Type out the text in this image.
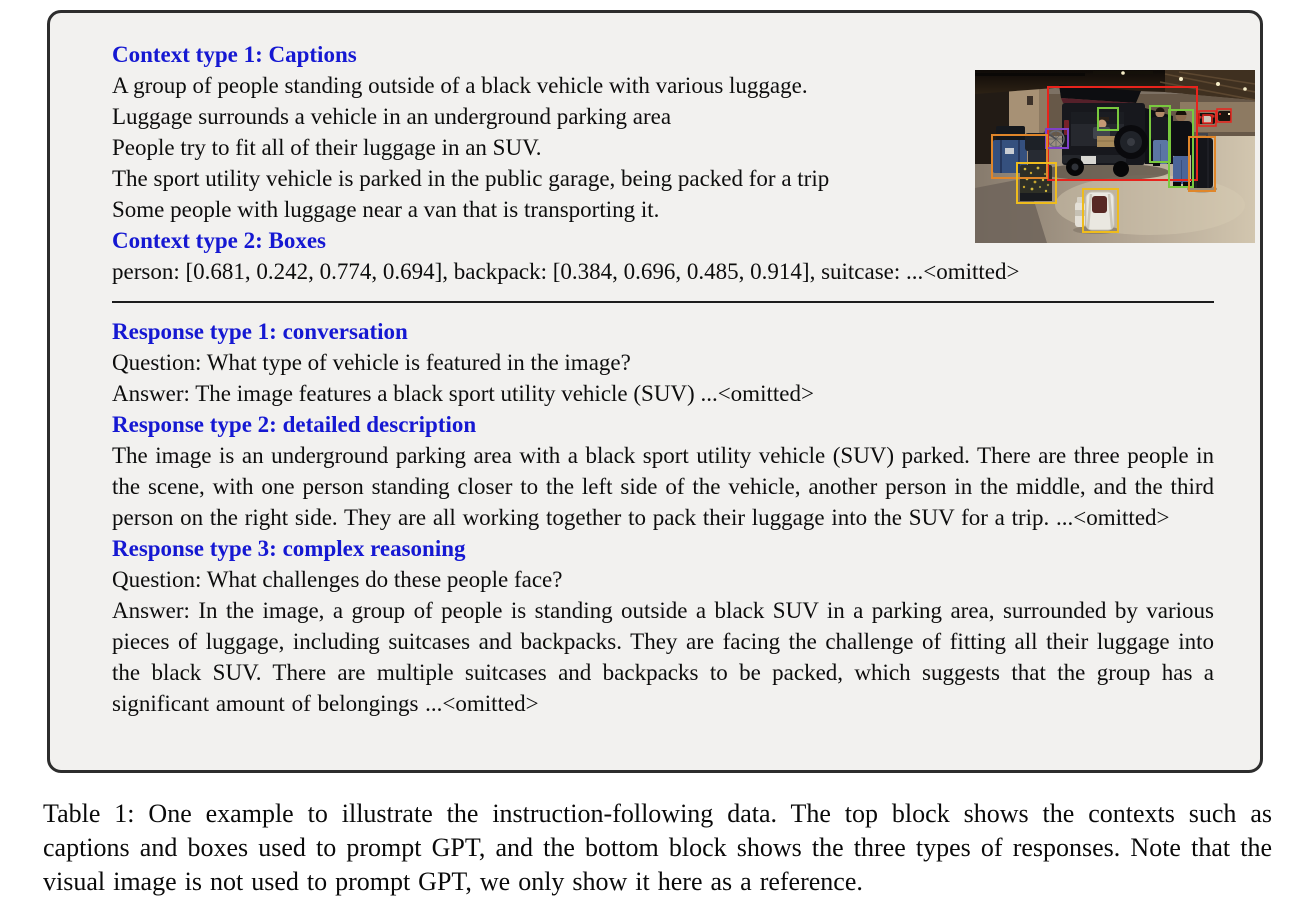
Context type 1: Captions
A group of people standing outside of a black vehicle with various luggage.
Luggage surrounds a vehicle in an underground parking area
People try to fit all of their luggage in an SUV.
The sport utility vehicle is parked in the public garage, being packed for a trip
Some people with luggage near a van that is transporting it.
Context type 2: Boxes
person: [0.681, 0.242, 0.774, 0.694], backpack: [0.384, 0.696, 0.485, 0.914], suitcase: ...<omitted>
Response type 1: conversation
Question: What type of vehicle is featured in the image?
Answer: The image features a black sport utility vehicle (SUV) ...<omitted>
Response type 2: detailed description
The image is an underground parking area with a black sport utility vehicle (SUV) parked. There are three people in the scene, with one person standing closer to the left side of the vehicle, another person in the middle, and the third person on the right side. They are all working together to pack their luggage into the SUV for a trip. ...<omitted>
Response type 3: complex reasoning
Question: What challenges do these people face?
Answer: In the image, a group of people is standing outside a black SUV in a parking area, surrounded by various pieces of luggage, including suitcases and backpacks. They are facing the challenge of fitting all their luggage into the black SUV. There are multiple suitcases and backpacks to be packed, which suggests that the group has a significant amount of belongings ...<omitted>
Table 1: One example to illustrate the instruction-following data. The top block shows the contexts such as captions and boxes used to prompt GPT, and the bottom block shows the three types of responses. Note that the visual image is not used to prompt GPT, we only show it here as a reference.
